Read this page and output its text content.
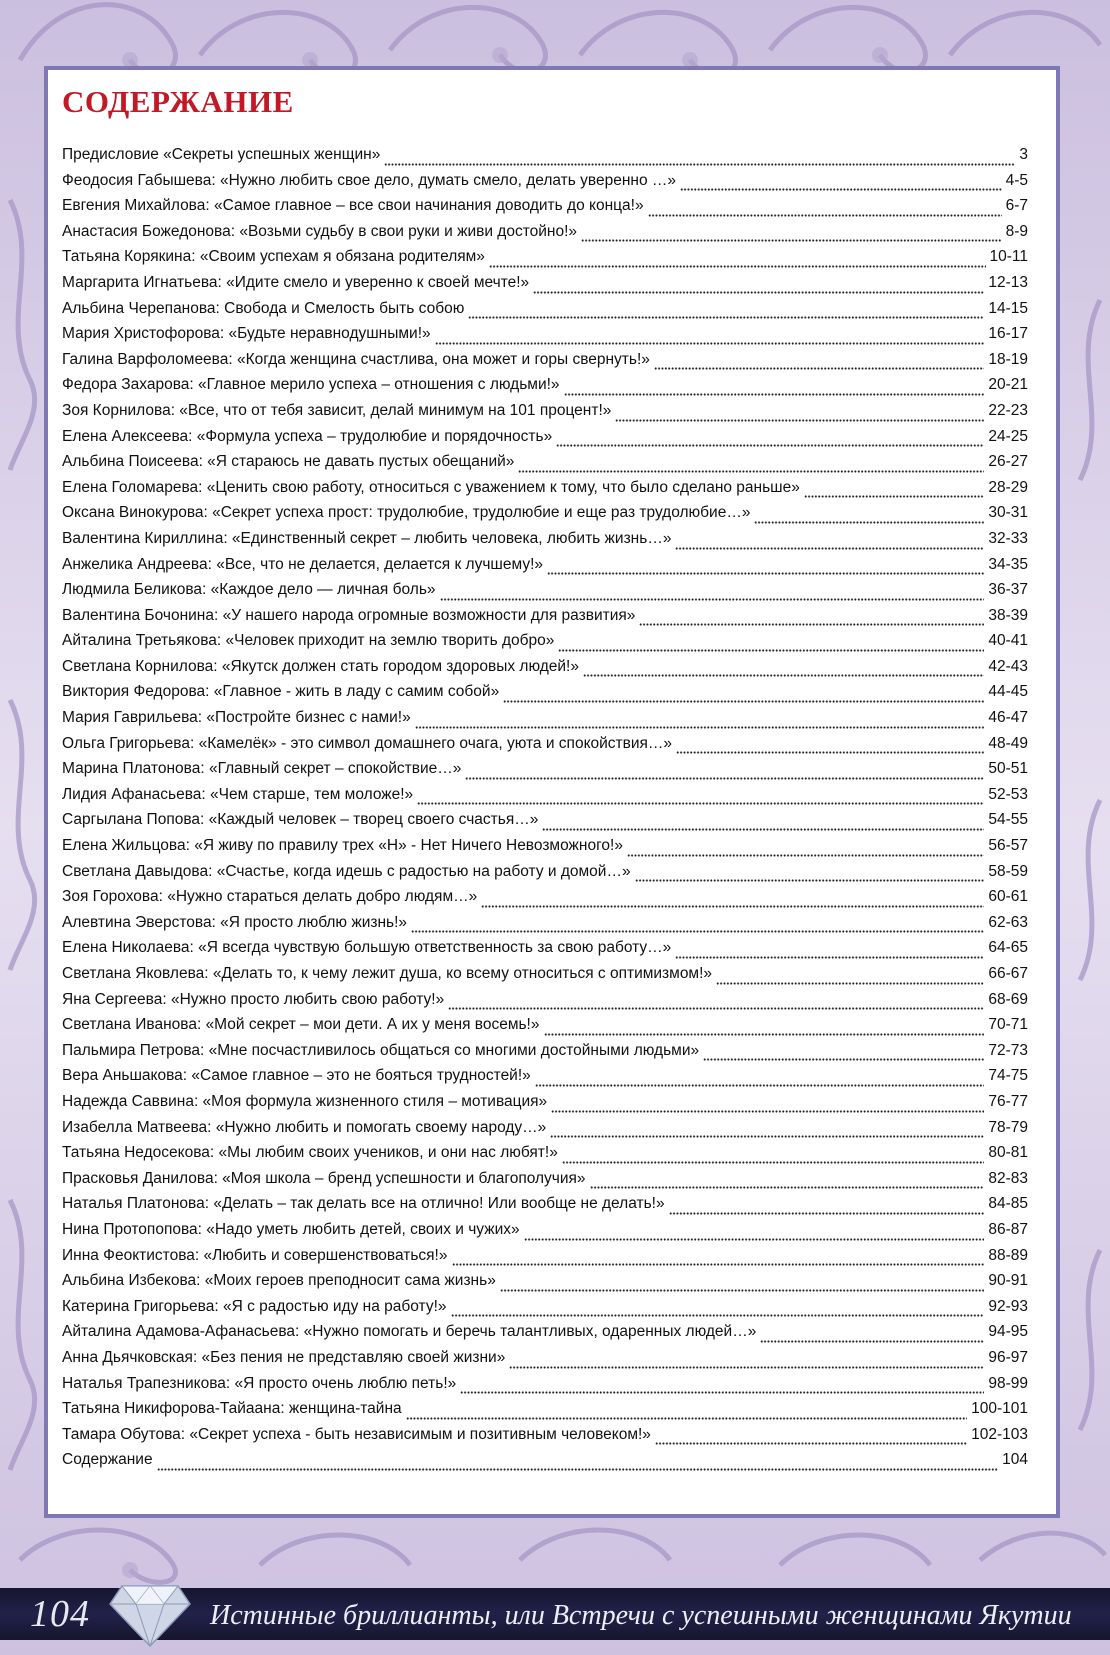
СОДЕРЖАНИЕ
Предисловие «Секреты успешных женщин»	3
Феодосия Габышева: «Нужно любить свое дело, думать смело, делать уверенно …»	4-5
Евгения Михайлова: «Самое главное – все свои начинания доводить до конца!»	6-7
Анастасия Божедонова: «Возьми судьбу в свои руки и живи достойно!»	8-9
Татьяна Корякина: «Своим успехам я обязана родителям»	10-11
Маргарита Игнатьева: «Идите смело и уверенно к своей мечте!»	12-13
Альбина Черепанова: Свобода и Смелость быть собою	14-15
Мария Христофорова: «Будьте неравнодушными!»	16-17
Галина Варфоломеева: «Когда женщина счастлива, она может и горы свернуть!»	18-19
Федора Захарова: «Главное мерило успеха – отношения с людьми!»	20-21
Зоя Корнилова: «Все, что от тебя зависит, делай минимум на 101 процент!»	22-23
Елена Алексеева: «Формула успеха – трудолюбие и порядочность»	24-25
Альбина Поисеева: «Я стараюсь не давать пустых обещаний»	26-27
Елена Голомарева: «Ценить свою работу, относиться с уважением к тому, что было сделано раньше»	28-29
Оксана Винокурова: «Секрет успеха прост: трудолюбие, трудолюбие и еще раз трудолюбие…»	30-31
Валентина Кириллина: «Единственный секрет – любить человека, любить жизнь…»	32-33
Анжелика Андреева: «Все, что не делается, делается к лучшему!»	34-35
Людмила Беликова: «Каждое дело — личная боль»	36-37
Валентина Бочонина: «У нашего народа огромные возможности для развития»	38-39
Айталина Третьякова: «Человек приходит на землю творить добро»	40-41
Светлана Корнилова: «Якутск должен стать городом здоровых людей!»	42-43
Виктория Федорова: «Главное - жить в ладу с самим собой»	44-45
Мария Гаврильева: «Постройте бизнес с нами!»	46-47
Ольга Григорьева: «Камелёк» - это символ домашнего очага, уюта и спокойствия…»	48-49
Марина Платонова: «Главный секрет – спокойствие…»	50-51
Лидия Афанасьева: «Чем старше, тем моложе!»	52-53
Саргылана Попова: «Каждый человек – творец своего счастья…»	54-55
Елена Жильцова: «Я живу по правилу трех «Н» - Нет Ничего Невозможного!»	56-57
Светлана Давыдова: «Счастье, когда идешь с радостью на работу и домой…»	58-59
Зоя Горохова: «Нужно стараться делать добро людям…»	60-61
Алевтина Эверстова: «Я просто люблю жизнь!»	62-63
Елена Николаева: «Я всегда чувствую большую ответственность за свою работу…»	64-65
Светлана Яковлева: «Делать то, к чему лежит душа, ко всему относиться с оптимизмом!»	66-67
Яна Сергеева: «Нужно просто любить свою работу!»	68-69
Светлана Иванова: «Мой секрет – мои дети. А их у меня восемь!»	70-71
Пальмира Петрова: «Мне посчастливилось общаться со многими достойными людьми»	72-73
Вера Аньшакова: «Самое главное – это не бояться трудностей!»	74-75
Надежда Саввина: «Моя формула жизненного стиля – мотивация»	76-77
Изабелла Матвеева: «Нужно любить и помогать своему народу…»	78-79
Татьяна Недосекова: «Мы любим своих учеников, и они нас любят!»	80-81
Прасковья Данилова: «Моя школа – бренд успешности и благополучия»	82-83
Наталья Платонова: «Делать – так делать все на отлично! Или вообще не делать!»	84-85
Нина Протопопова: «Надо уметь любить детей, своих и чужих»	86-87
Инна Феоктистова: «Любить и совершенствоваться!»	88-89
Альбина Избекова: «Моих героев преподносит сама жизнь»	90-91
Катерина Григорьева: «Я с радостью иду на работу!»	92-93
Айталина Адамова-Афанасьева: «Нужно помогать и беречь талантливых, одаренных людей…»	94-95
Анна Дьячковская: «Без пения не представляю своей жизни»	96-97
Наталья Трапезникова: «Я просто очень люблю петь!»	98-99
Татьяна Никифорова-Тайаана: женщина-тайна	100-101
Тамара Обутова: «Секрет успеха - быть независимым и позитивным человеком!»	102-103
Содержание	104
104	Истинные бриллианты, или Встречи с успешными женщинами Якутии
